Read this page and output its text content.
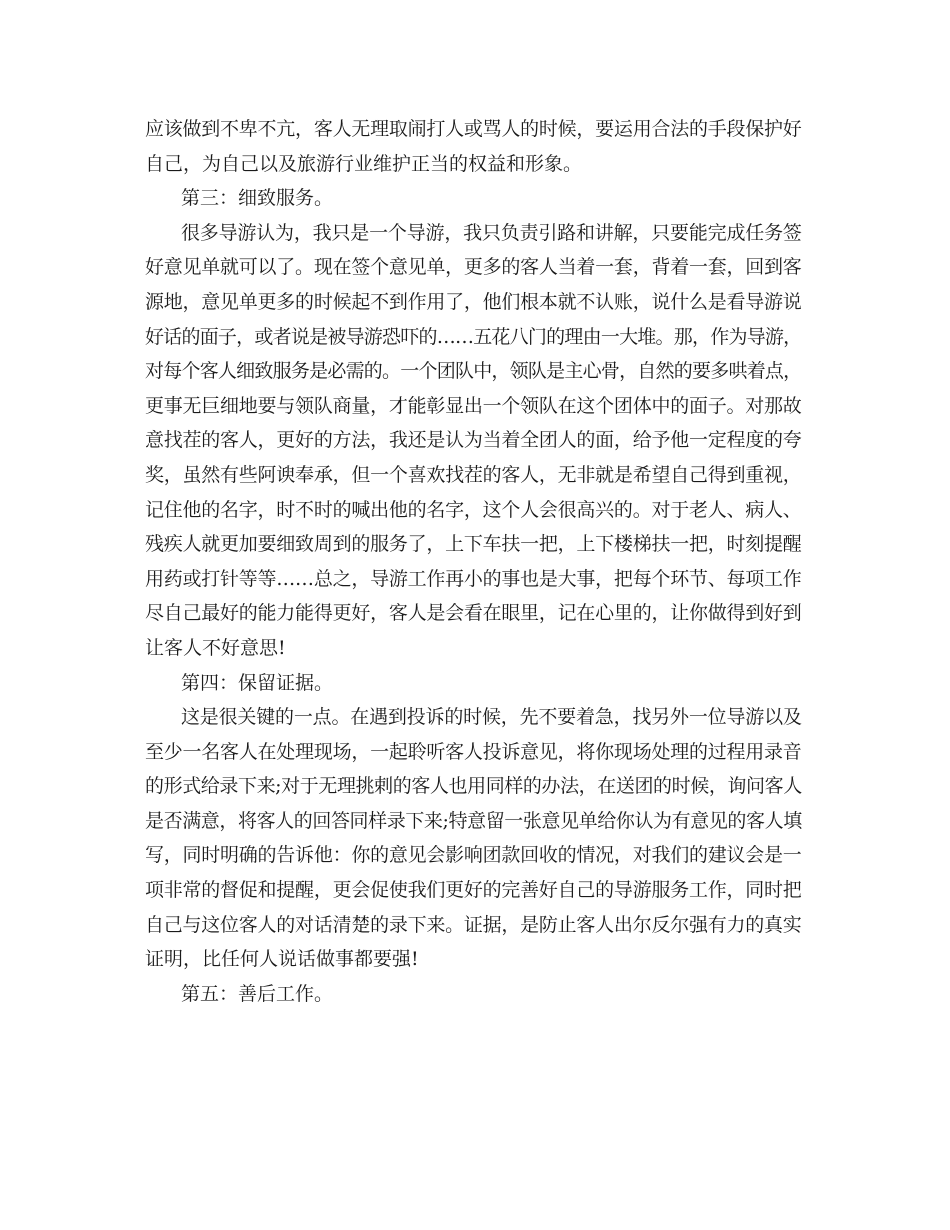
应该做到不卑不亢，客人无理取闹打人或骂人的时候，要运用合法的手段保护好
自己，为自己以及旅游行业维护正当的权益和形象。
第三：细致服务。
很多导游认为，我只是一个导游，我只负责引路和讲解，只要能完成任务签
好意见单就可以了。现在签个意见单，更多的客人当着一套，背着一套，回到客
源地，意见单更多的时候起不到作用了，他们根本就不认账，说什么是看导游说
好话的面子，或者说是被导游恐吓的……五花八门的理由一大堆。那，作为导游，
对每个客人细致服务是必需的。一个团队中，领队是主心骨，自然的要多哄着点，
更事无巨细地要与领队商量，才能彰显出一个领队在这个团体中的面子。对那故
意找茬的客人，更好的方法，我还是认为当着全团人的面，给予他一定程度的夸
奖，虽然有些阿谀奉承，但一个喜欢找茬的客人，无非就是希望自己得到重视，
记住他的名字，时不时的喊出他的名字，这个人会很高兴的。对于老人、病人、
残疾人就更加要细致周到的服务了，上下车扶一把，上下楼梯扶一把，时刻提醒
用药或打针等等……总之，导游工作再小的事也是大事，把每个环节、每项工作
尽自己最好的能力能得更好，客人是会看在眼里，记在心里的，让你做得到好到
让客人不好意思!
第四：保留证据。
这是很关键的一点。在遇到投诉的时候，先不要着急，找另外一位导游以及
至少一名客人在处理现场，一起聆听客人投诉意见，将你现场处理的过程用录音
的形式给录下来;对于无理挑剌的客人也用同样的办法，在送团的时候，询问客人
是否满意，将客人的回答同样录下来;特意留一张意见单给你认为有意见的客人填
写，同时明确的告诉他：你的意见会影响团款回收的情况，对我们的建议会是一
项非常的督促和提醒，更会促使我们更好的完善好自己的导游服务工作，同时把
自己与这位客人的对话清楚的录下来。证据，是防止客人出尔反尔强有力的真实
证明，比任何人说话做事都要强!
第五：善后工作。
